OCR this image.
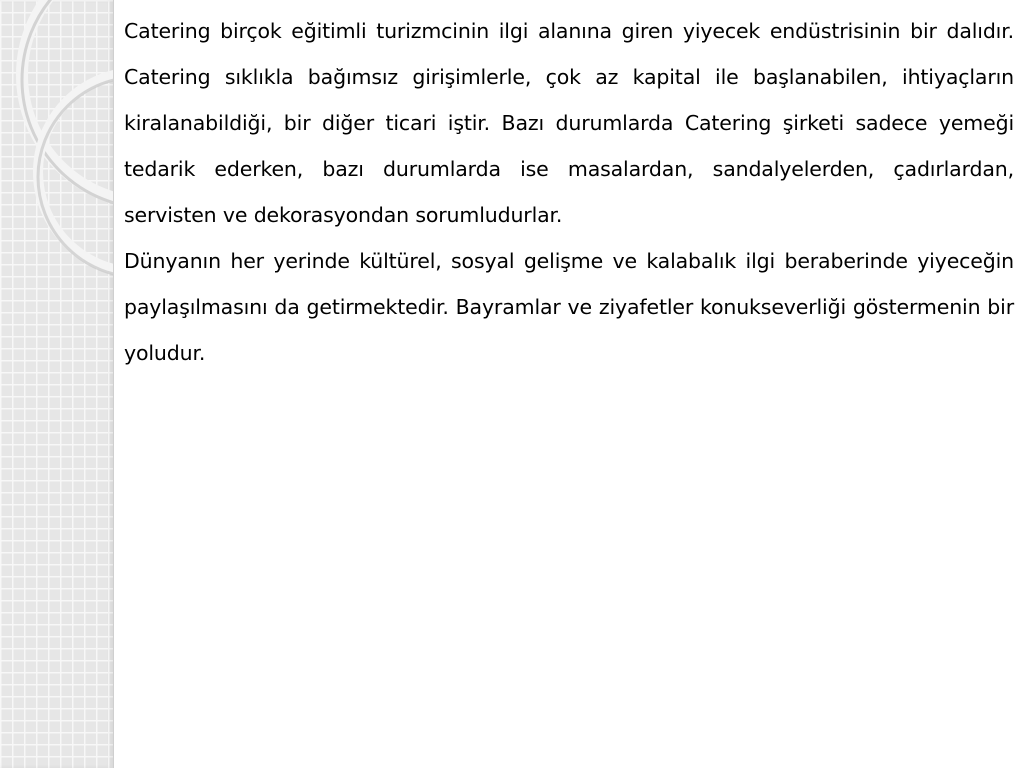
Catering birçok eğitimli turizmcinin ilgi alanına giren yiyecek endüstrisinin bir dalıdır. Catering sıklıkla bağımsız girişimlerle, çok az kapital ile başlanabilen, ihtiyaçların kiralanabildiği, bir diğer ticari iştir. Bazı durumlarda Catering şirketi sadece yemeği tedarik ederken, bazı durumlarda ise masalardan, sandalyelerden, çadırlardan, servisten ve dekorasyondan sorumludurlar.

Dünyanın her yerinde kültürel, sosyal gelişme ve kalabalık ilgi beraberinde yiyeceğin paylaşılmasını da getirmektedir. Bayramlar ve ziyafetler konukseverliği göstermenin bir yoludur.
